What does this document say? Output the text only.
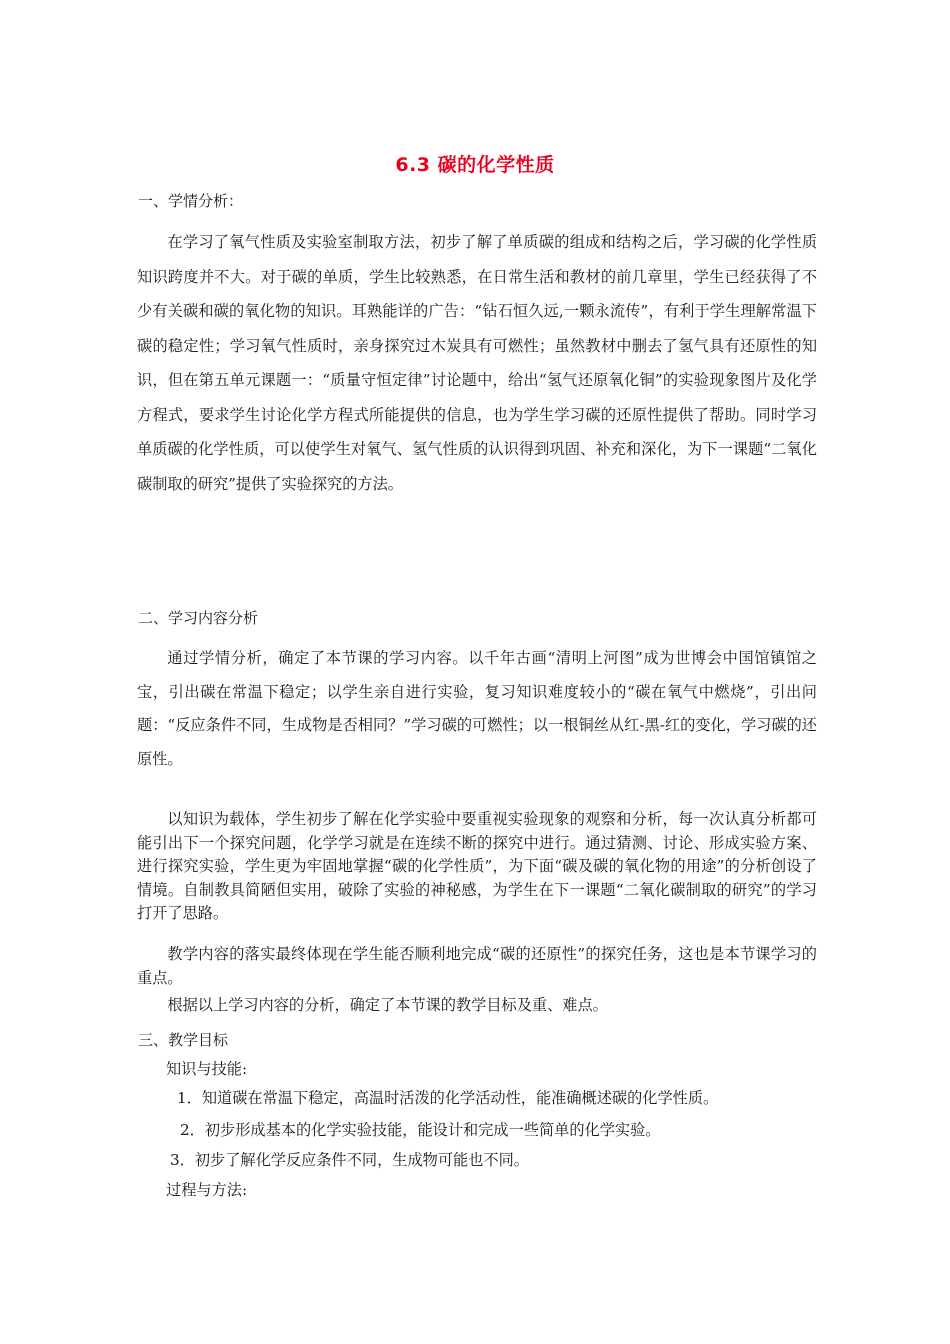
6.3 碳的化学性质
一、学情分析：

在学习了氧气性质及实验室制取方法，初步了解了单质碳的组成和结构之后，学习碳的化学性质知识跨度并不大。对于碳的单质，学生比较熟悉，在日常生活和教材的前几章里，学生已经获得了不少有关碳和碳的氧化物的知识。耳熟能详的广告：“钻石恒久远,一颗永流传”，有利于学生理解常温下碳的稳定性；学习氧气性质时，亲身探究过木炭具有可燃性；虽然教材中删去了氢气具有还原性的知识，但在第五单元课题一：“质量守恒定律”讨论题中，给出“氢气还原氧化铜”的实验现象图片及化学方程式，要求学生讨论化学方程式所能提供的信息，也为学生学习碳的还原性提供了帮助。同时学习单质碳的化学性质，可以使学生对氧气、氢气性质的认识得到巩固、补充和深化，为下一课题“二氧化碳制取的研究”提供了实验探究的方法。

二、学习内容分析

通过学情分析，确定了本节课的学习内容。以千年古画“清明上河图”成为世博会中国馆镇馆之宝，引出碳在常温下稳定；以学生亲自进行实验，复习知识难度较小的“碳在氧气中燃烧”，引出问题：“反应条件不同，生成物是否相同？”学习碳的可燃性；以一根铜丝从红-黑-红的变化，学习碳的还原性。

以知识为载体，学生初步了解在化学实验中要重视实验现象的观察和分析，每一次认真分析都可能引出下一个探究问题，化学学习就是在连续不断的探究中进行。通过猜测、讨论、形成实验方案、进行探究实验，学生更为牢固地掌握“碳的化学性质”，为下面“碳及碳的氧化物的用途”的分析创设了情境。自制教具简陋但实用，破除了实验的神秘感，为学生在下一课题“二氧化碳制取的研究”的学习打开了思路。

教学内容的落实最终体现在学生能否顺利地完成“碳的还原性”的探究任务，这也是本节课学习的重点。

根据以上学习内容的分析，确定了本节课的教学目标及重、难点。

三、教学目标
知识与技能:
1．知道碳在常温下稳定，高温时活泼的化学活动性，能准确概述碳的化学性质。
2．初步形成基本的化学实验技能，能设计和完成一些简单的化学实验。
3．初步了解化学反应条件不同，生成物可能也不同。
过程与方法:
